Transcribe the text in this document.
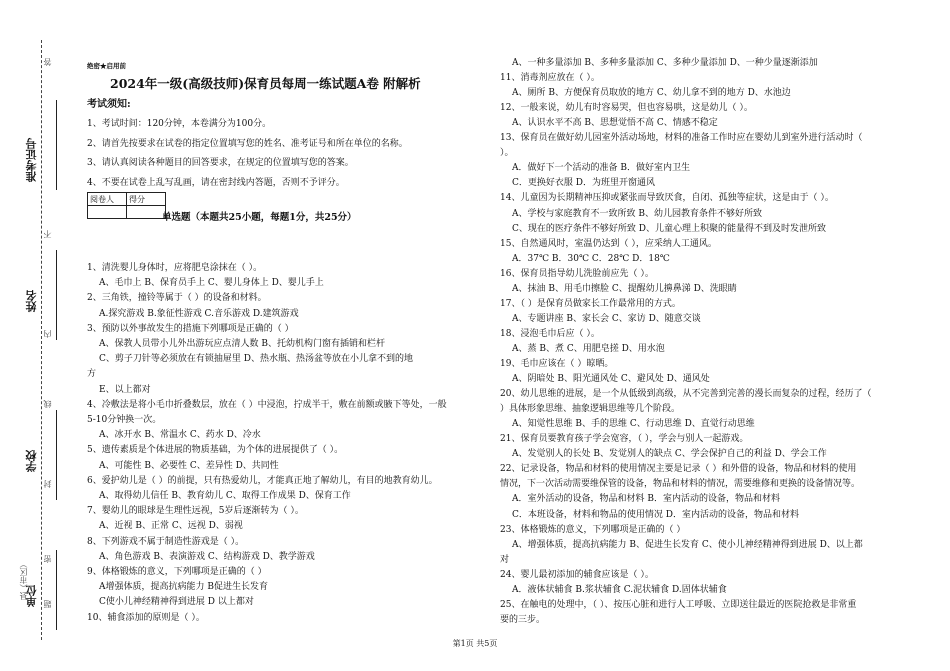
答
准考证号
不
姓名
内
线
学校
封
密
单位
县（市区）
题
绝密★启用前
2024年一级(高级技师)保育员每周一练试题A卷 附解析
考试须知:
1、考试时间：120分钟，本卷满分为100分。
2、请首先按要求在试卷的指定位置填写您的姓名、准考证号和所在单位的名称。
3、请认真阅读各种题目的回答要求，在规定的位置填写您的答案。
4、不要在试卷上乱写乱画，请在密封线内答题，否则不予评分。
阅卷人	得分

单选题（本题共25小题，每题1分，共25分）
1、清洗婴儿身体时，应将肥皂涂抹在（ ）。
A、毛巾上 B、保育员手上 C、婴儿身体上 D、婴儿手上
2、三角铁，撞铃等属于（ ）的设备和材料。
A.探究游戏 B.象征性游戏 C.音乐游戏 D.建筑游戏
3、预防以外事故发生的措施下列哪项是正确的（ ）
A、保教人员带小儿外出游玩应点清人数 B、托幼机构门窗有插销和栏杆
C、剪子刀针等必须放在有锁抽屉里 D、热水瓶、热汤盆等放在小儿拿不到的地
方
E、以上都对
4、冷敷法是将小毛巾折叠数层，放在（ ）中浸泡，拧成半干，敷在前额或腋下等处，一般
5-10分钟换一次。
A、冰开水 B、常温水 C、药水 D、冷水
5、遗传素质是个体进展的物质基础，为个体的进展提供了（ ）。
A、可能性 B、必要性 C、差异性 D、共同性
6、爱护幼儿是（ ）的前提，只有热爱幼儿，才能真正地了解幼儿，有目的地教育幼儿。
A、取得幼儿信任 B、教育幼儿 C、取得工作成果 D、保育工作
7、婴幼儿的眼球是生理性远视，5岁后逐渐转为（ ）。
A、近视 B、正常 C、远视 D、弱视
8、下列游戏不属于制造性游戏是（ ）。
A、角色游戏 B、表演游戏 C、结构游戏 D、教学游戏
9、体格锻炼的意义，下列哪项是正确的（ ）
A增强体质，提高抗病能力 B促进生长发育
C使小儿神经精神得到进展 D 以上都对
10、辅食添加的原则是（ ）。
A、一种多量添加 B、多种多量添加 C、多种少量添加 D、一种少量逐渐添加
11、消毒剂应放在（ ）。
A、厕所 B、方便保育员取放的地方 C、幼儿拿不到的地方 D、水池边
12、一般来说，幼儿有时容易哭，但也容易哄，这是幼儿（ ）。
A、认识水平不高 B、思想觉悟不高 C、情感不稳定
13、保育员在做好幼儿园室外活动场地，材料的准备工作时应在婴幼儿到室外进行活动时（
）。
A．做好下一个活动的准备 B．做好室内卫生
C．更换好衣服 D．为班里开窗通风
14、儿童因为长期精神压抑或紧张而导致厌食，自闭、孤独等症状，这是由于（ ）。
A、学校与家庭教育不一致所致 B、幼儿园教育条件不够好所致
C、现在的医疗条件不够好所致 D、儿童心理上积聚的能量得不到及时发泄所致
15、自然通风时，室温仍达到（ ），应采纳人工通风。
A．37℃ B．30℃ C．28℃ D．18℃
16、保育员指导幼儿洗脸前应先（ ）。
A、抹油 B、用毛巾擦脸 C、提醒幼儿擤鼻涕 D、洗眼睛
17、（ ）是保育员做家长工作最常用的方式。
A、专题讲座 B、家长会 C、家访 D、随意交谈
18、浸泡毛巾后应（ ）。
A、蒸 B、煮 C、用肥皂搓 D、用水泡
19、毛巾应该在（ ）晾晒。
A、阴暗处 B、阳光通风处 C、避风处 D、通风处
20、幼儿思维的进展，是一个从低级到高级，从不完善到完善的漫长而复杂的过程，经历了（
）具体形象思维、抽象逻辑思维等几个阶段。
A、知觉性思维 B、手的思维 C、行动思维 D、直觉行动思维
21、保育员要教育孩子学会宽容，（ ），学会与别人一起游戏。
A、发觉别人的长处 B、发觉别人的缺点 C、学会保护自己的利益 D、学会工作
22、记录设备，物品和材料的使用情况主要是记录（ ）和外借的设备，物品和材料的使用
情况，下一次活动需要维保管的设备，物品和材料的情况，需要维修和更换的设备情况等。
A．室外活动的设备，物品和材料 B．室内活动的设备，物品和材料
C．本班设备，材料和物品的使用情况 D．室内活动的设备，物品和材料
23、体格锻炼的意义，下列哪项是正确的（ ）
A、增强体质，提高抗病能力 B、促进生长发育 C、使小儿神经精神得到进展 D、以上都
对
24、婴儿最初添加的辅食应该是（ ）。
A．液体状辅食 B.浆状辅食 C.泥状辅食 D.固体状辅食
25、在触电的处理中，（ ）、按压心脏和进行人工呼吸、立即送往最近的医院抢救是非常重
要的三步。
第1页 共5页
